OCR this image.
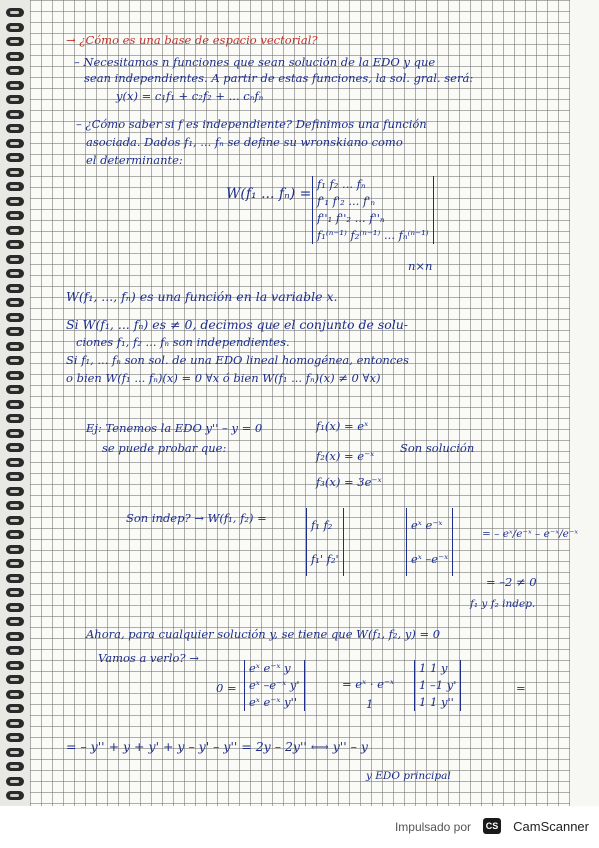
→ ¿Cómo es una base de espacio vectorial?
– Necesitamos n funciones que sean solución de la EDO y que
sean independientes. A partir de estas funciones, la sol. gral. será:
y(x) = c₁f₁ + c₂f₂ + ... cₙfₙ
– ¿Cómo saber si f es independiente? Definimos una función
asociada. Dados f₁, ... fₙ se define su wronskiano como
el determinante:
W(f₁ ... fₙ) =
f₁ f₂ ... fₙ
f'₁ f'₂ ... f'ₙ
f''₁ f''₂ ... f''ₙ
f₁⁽ⁿ⁻¹⁾ f₂⁽ⁿ⁻¹⁾ ... fₙ⁽ⁿ⁻¹⁾
n×n
W(f₁, ..., fₙ) es una función en la variable x.
Si W(f₁, ... fₙ) es ≠ 0, decimos que el conjunto de solu-
ciones f₁, f₂ ... fₙ son independientes.
Si f₁, ... fₙ son sol. de una EDO lineal homogénea, entonces
o bien W(f₁ ... fₙ)(x) = 0 ∀x ó bien W(f₁ ... fₙ)(x) ≠ 0 ∀x)
Ej: Tenemos la EDO y'' – y = 0
se puede probar que:
f₁(x) = eˣ
f₂(x) = e⁻ˣ
f₃(x) = 3e⁻ˣ
Son solución
Son indep? → W(f₁, f₂) =	f₁ f₂
f₁' f₂'
eˣ e⁻ˣ
eˣ –e⁻ˣ
= – eˣ/e⁻ˣ – e⁻ˣ/e⁻ˣ
= –2 ≠ 0
f₁ y f₂ indep.
Ahora, para cualquier solución y, se tiene que W(f₁, f₂, y) = 0
Vamos a verlo? →
0 =
eˣ e⁻ˣ y
eˣ –e⁻ˣ y'
eˣ e⁻ˣ y''
= eˣ · e⁻ˣ
1
1 1 y
1 –1 y'
1 1 y''
=
= – y'' + y + y' + y – y' – y'' = 2y – 2y'' ⟷ y'' – y
y EDO principal
Impulsado por	CS CamScanner
